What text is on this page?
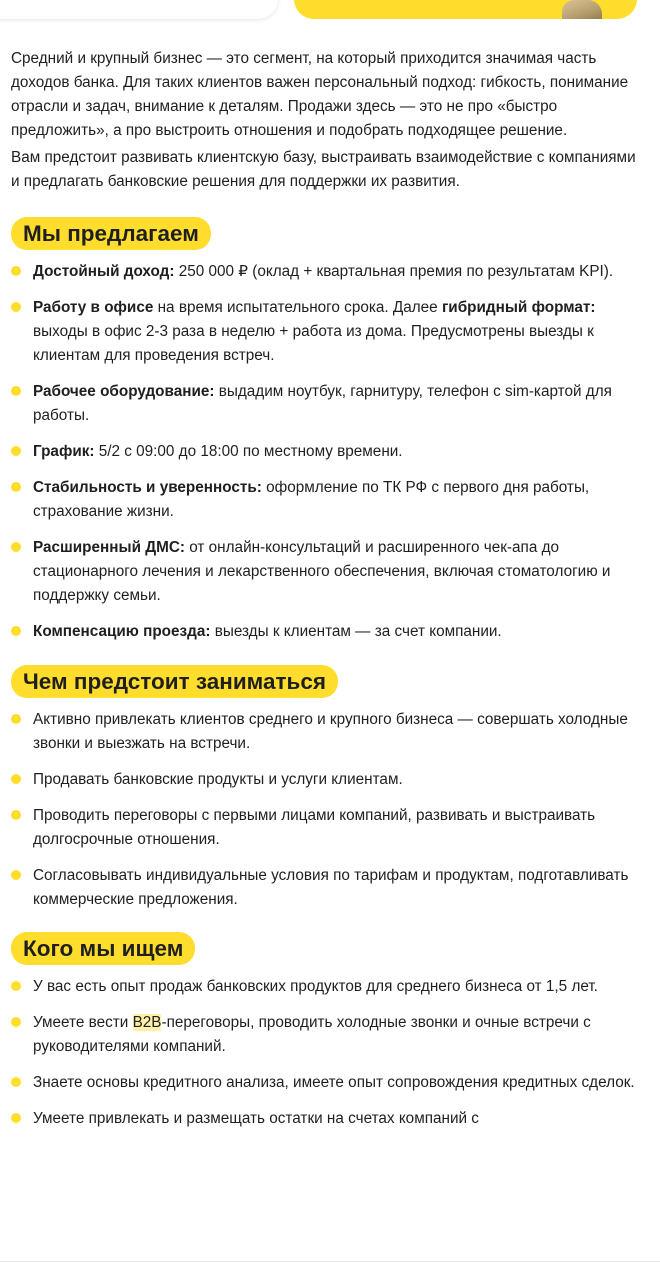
Средний и крупный бизнес — это сегмент, на который приходится значимая часть доходов банка. Для таких клиентов важен персональный подход: гибкость, понимание отрасли и задач, внимание к деталям. Продажи здесь — это не про «быстро предложить», а про выстроить отношения и подобрать подходящее решение.

Вам предстоит развивать клиентскую базу, выстраивать взаимодействие с компаниями и предлагать банковские решения для поддержки их развития.

Мы предлагаем
Достойный доход: 250 000 ₽ (оклад + квартальная премия по результатам KPI).
Работу в офисе на время испытательного срока. Далее гибридный формат: выходы в офис 2-3 раза в неделю + работа из дома. Предусмотрены выезды к клиентам для проведения встреч.
Рабочее оборудование: выдадим ноутбук, гарнитуру, телефон с sim-картой для работы.
График: 5/2 с 09:00 до 18:00 по местному времени.
Стабильность и уверенность: оформление по ТК РФ с первого дня работы, страхование жизни.
Расширенный ДМС: от онлайн-консультаций и расширенного чек-апа до стационарного лечения и лекарственного обеспечения, включая стоматологию и поддержку семьи.
Компенсацию проезда: выезды к клиентам — за счет компании.
Чем предстоит заниматься
Активно привлекать клиентов среднего и крупного бизнеса — совершать холодные звонки и выезжать на встречи.
Продавать банковские продукты и услуги клиентам.
Проводить переговоры с первыми лицами компаний, развивать и выстраивать долгосрочные отношения.
Согласовывать индивидуальные условия по тарифам и продуктам, подготавливать коммерческие предложения.
Кого мы ищем
У вас есть опыт продаж банковских продуктов для среднего бизнеса от 1,5 лет.
Умеете вести B2B-переговоры, проводить холодные звонки и очные встречи с руководителями компаний.
Знаете основы кредитного анализа, имеете опыт сопровождения кредитных сделок.
Умеете привлекать и размещать остатки на счетах компаний с
